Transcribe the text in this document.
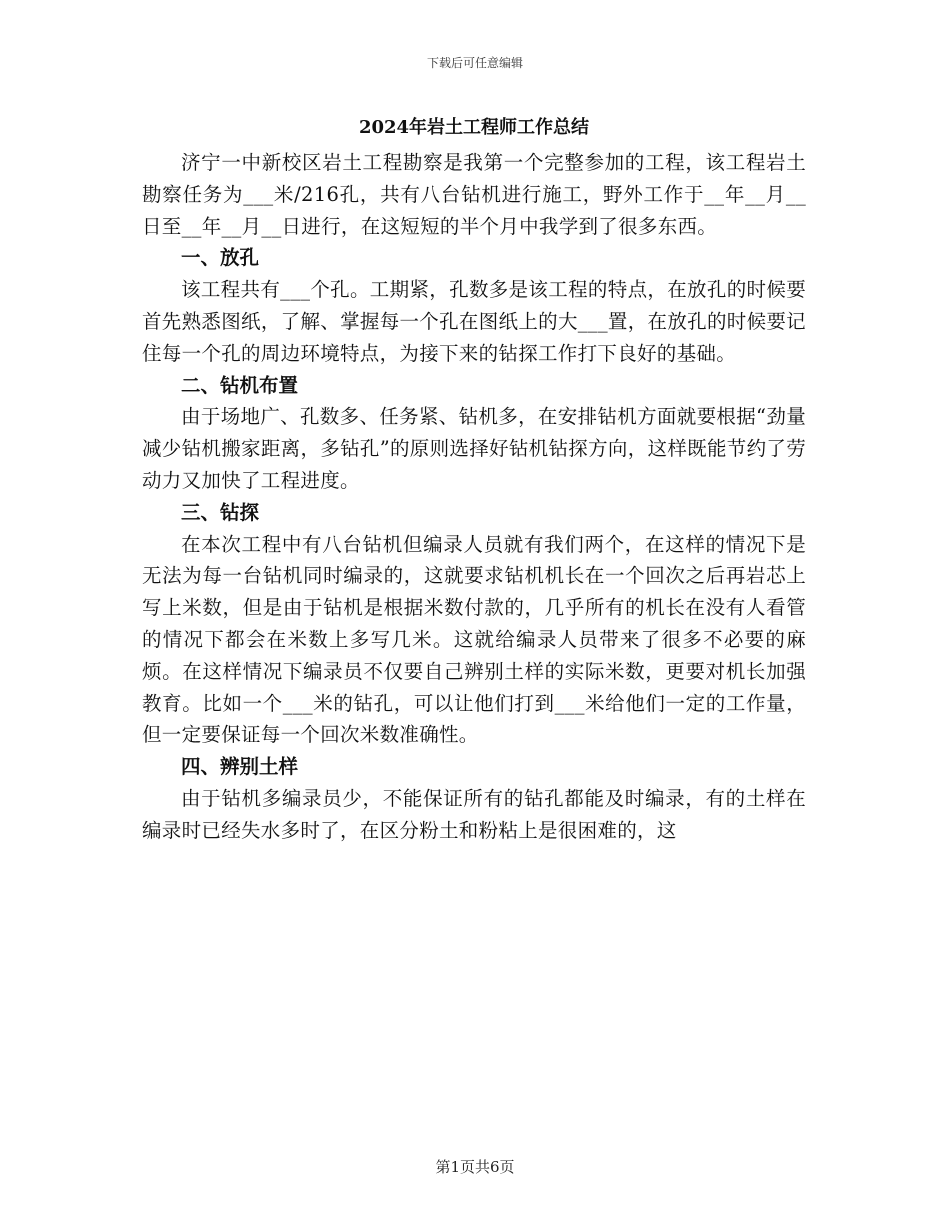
下载后可任意编辑
2024年岩土工程师工作总结

济宁一中新校区岩土工程勘察是我第一个完整参加的工程，该工程岩土勘察任务为___米/216孔，共有八台钻机进行施工，野外工作于__年__月__日至__年__月__日进行，在这短短的半个月中我学到了很多东西。

一、放孔

该工程共有___个孔。工期紧，孔数多是该工程的特点，在放孔的时候要首先熟悉图纸，了解、掌握每一个孔在图纸上的大___置，在放孔的时候要记住每一个孔的周边环境特点，为接下来的钻探工作打下良好的基础。

二、钻机布置

由于场地广、孔数多、任务紧、钻机多，在安排钻机方面就要根据“劲量减少钻机搬家距离，多钻孔”的原则选择好钻机钻探方向，这样既能节约了劳动力又加快了工程进度。

三、钻探

在本次工程中有八台钻机但编录人员就有我们两个，在这样的情况下是无法为每一台钻机同时编录的，这就要求钻机机长在一个回次之后再岩芯上写上米数，但是由于钻机是根据米数付款的，几乎所有的机长在没有人看管的情况下都会在米数上多写几米。这就给编录人员带来了很多不必要的麻烦。在这样情况下编录员不仅要自己辨别土样的实际米数，更要对机长加强教育。比如一个___米的钻孔，可以让他们打到___米给他们一定的工作量，但一定要保证每一个回次米数准确性。

四、辨别土样

由于钻机多编录员少，不能保证所有的钻孔都能及时编录，有的土样在编录时已经失水多时了，在区分粉土和粉粘上是很困难的，这

第1页共6页
